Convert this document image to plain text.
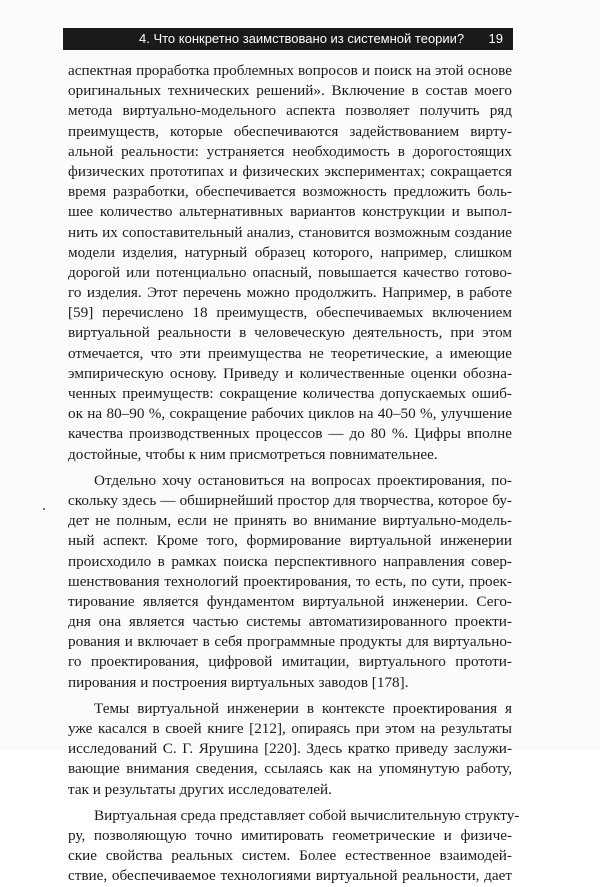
4. Что конкретно заимствовано из системной теории? 19
аспектная проработка проблемных вопросов и поиск на этой основе
оригинальных технических решений». Включение в состав моего
метода виртуально-модельного аспекта позволяет получить ряд
преимуществ, которые обеспечиваются задействованием вирту-
альной реальности: устраняется необходимость в дорогостоящих
физических прототипах и физических экспериментах; сокращается
время разработки, обеспечивается возможность предложить боль-
шее количество альтернативных вариантов конструкции и выпол-
нить их сопоставительный анализ, становится возможным создание
модели изделия, натурный образец которого, например, слишком
дорогой или потенциально опасный, повышается качество готово-
го изделия. Этот перечень можно продолжить. Например, в работе
[59] перечислено 18 преимуществ, обеспечиваемых включением
виртуальной реальности в человеческую деятельность, при этом
отмечается, что эти преимущества не теоретические, а имеющие
эмпирическую основу. Приведу и количественные оценки обозна-
ченных преимуществ: сокращение количества допускаемых ошиб-
ок на 80–90 %, сокращение рабочих циклов на 40–50 %, улучшение
качества производственных процессов — до 80 %. Цифры вполне
достойные, чтобы к ним присмотреться повнимательнее.
Отдельно хочу остановиться на вопросах проектирования, по-
скольку здесь — обширнейший простор для творчества, которое бу-
дет не полным, если не принять во внимание виртуально-модель-
ный аспект. Кроме того, формирование виртуальной инженерии
происходило в рамках поиска перспективного направления совер-
шенствования технологий проектирования, то есть, по сути, проек-
тирование является фундаментом виртуальной инженерии. Сего-
дня она является частью системы автоматизированного проекти-
рования и включает в себя программные продукты для виртуально-
го проектирования, цифровой имитации, виртуального прототи-
пирования и построения виртуальных заводов [178].
Темы виртуальной инженерии в контексте проектирования я
уже касался в своей книге [212], опираясь при этом на результаты
исследований С. Г. Ярушина [220]. Здесь кратко приведу заслужи-
вающие внимания сведения, ссылаясь как на упомянутую работу,
так и результаты других исследователей.
Виртуальная среда представляет собой вычислительную структу-
ру, позволяющую точно имитировать геометрические и физиче-
ские свойства реальных систем. Более естественное взаимодей-
ствие, обеспечиваемое технологиями виртуальной реальности, дает
